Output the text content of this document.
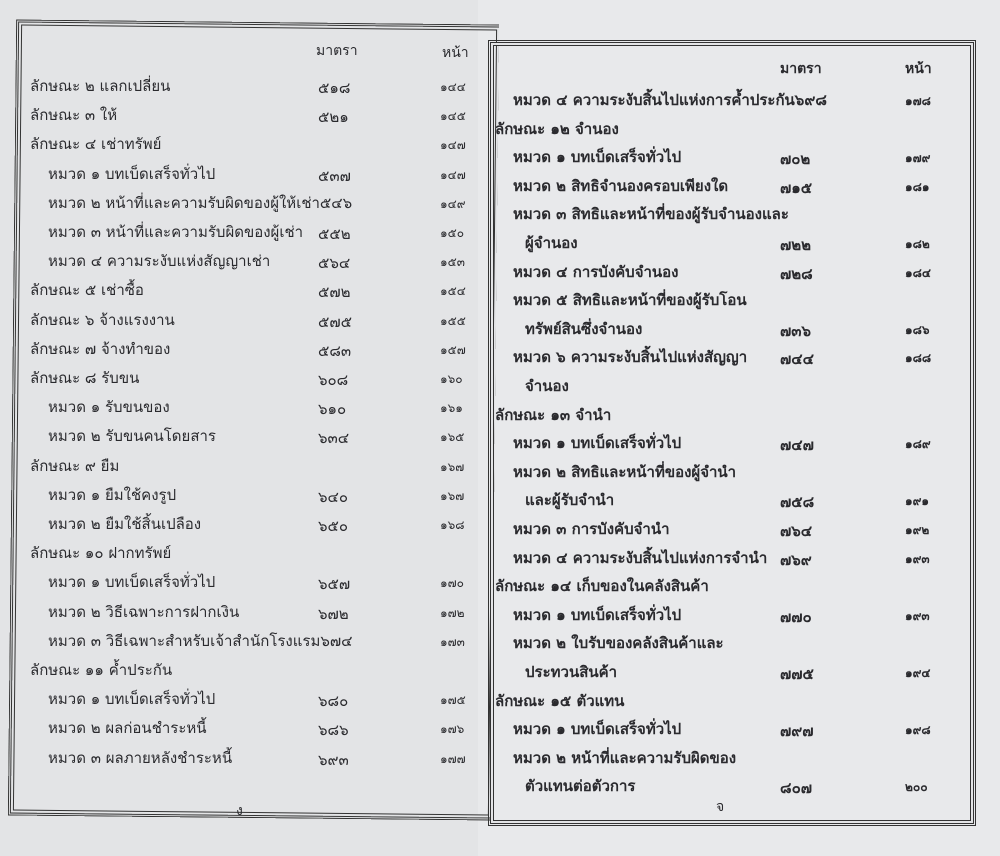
มาตรา	หน้า
มาตรา	หน้า
ลักษณะ ๒ แลกเปลี่ยน	๕๑๘	๑๔๔
ลักษณะ ๓ ให้	๕๒๑	๑๔๕
ลักษณะ ๔ เช่าทรัพย์	๑๔๗
หมวด ๑ บทเบ็ดเสร็จทั่วไป	๕๓๗	๑๔๗
หมวด ๒ หน้าที่และความรับผิดของผู้ให้เช่า๕๔๖	๑๔๙
หมวด ๓ หน้าที่และความรับผิดของผู้เช่า ๕๕๒	๑๕๐
หมวด ๔ ความระงับแห่งสัญญาเช่า	๕๖๔	๑๕๓
ลักษณะ ๕ เช่าซื้อ	๕๗๒	๑๕๔
ลักษณะ ๖ จ้างแรงงาน	๕๗๕	๑๕๕
ลักษณะ ๗ จ้างทำของ	๕๘๓	๑๕๗
ลักษณะ ๘ รับขน	๖๐๘	๑๖๐
หมวด ๑ รับขนของ	๖๑๐	๑๖๑
หมวด ๒ รับขนคนโดยสาร	๖๓๔	๑๖๕
ลักษณะ ๙ ยืม	๑๖๗
หมวด ๑ ยืมใช้คงรูป	๖๔๐	๑๖๗
หมวด ๒ ยืมใช้สิ้นเปลือง	๖๕๐	๑๖๘
ลักษณะ ๑๐ ฝากทรัพย์
หมวด ๑ บทเบ็ดเสร็จทั่วไป	๖๕๗	๑๗๐
หมวด ๒ วิธีเฉพาะการฝากเงิน	๖๗๒	๑๗๒
หมวด ๓ วิธีเฉพาะสำหรับเจ้าสำนักโรงแรม๖๗๔	๑๗๓
ลักษณะ ๑๑ ค้ำประกัน
หมวด ๑ บทเบ็ดเสร็จทั่วไป	๖๘๐	๑๗๕
หมวด ๒ ผลก่อนชำระหนี้	๖๘๖	๑๗๖
หมวด ๓ ผลภายหลังชำระหนี้	๖๙๓	๑๗๗
หมวด ๔ ความระงับสิ้นไปแห่งการค้ำประกัน๖๙๘	๑๗๘
ลักษณะ ๑๒ จำนอง
หมวด ๑ บทเบ็ดเสร็จทั่วไป	๗๐๒	๑๗๙
หมวด ๒ สิทธิจำนองครอบเพียงใด	๗๑๕	๑๘๑
หมวด ๓ สิทธิและหน้าที่ของผู้รับจำนองและ
ผู้จำนอง	๗๒๒	๑๘๒
หมวด ๔ การบังคับจำนอง	๗๒๘	๑๘๔
หมวด ๕ สิทธิและหน้าที่ของผู้รับโอน
ทรัพย์สินซึ่งจำนอง	๗๓๖	๑๘๖
หมวด ๖ ความระงับสิ้นไปแห่งสัญญา ๗๔๔	๑๘๘
จำนอง
ลักษณะ ๑๓ จำนำ
หมวด ๑ บทเบ็ดเสร็จทั่วไป	๗๔๗	๑๘๙
หมวด ๒ สิทธิและหน้าที่ของผู้จำนำ
และผู้รับจำนำ	๗๕๘	๑๙๑
หมวด ๓ การบังคับจำนำ	๗๖๔	๑๙๒
หมวด ๔ ความระงับสิ้นไปแห่งการจำนำ ๗๖๙	๑๙๓
ลักษณะ ๑๔ เก็บของในคลังสินค้า
หมวด ๑ บทเบ็ดเสร็จทั่วไป	๗๗๐	๑๙๓
หมวด ๒ ใบรับของคลังสินค้าและ
ประทวนสินค้า	๗๗๕	๑๙๔
ลักษณะ ๑๕ ตัวแทน
หมวด ๑ บทเบ็ดเสร็จทั่วไป	๗๙๗	๑๙๘
หมวด ๒ หน้าที่และความรับผิดของ
ตัวแทนต่อตัวการ	๘๐๗	๒๐๐
ง	จ
